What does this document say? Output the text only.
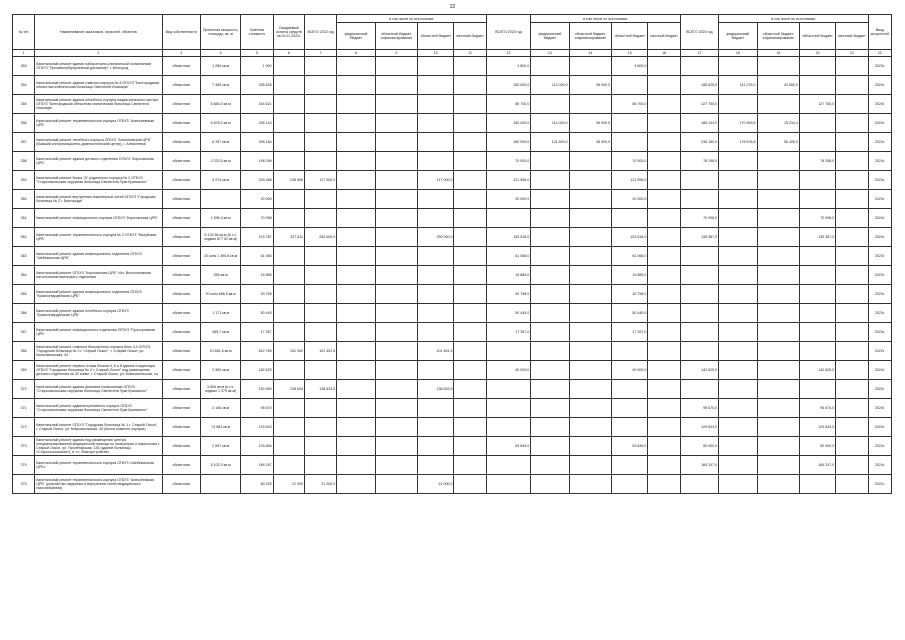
32
№ п/п	Наименование заказчиков, отраслей, объектов	Вид собственности	Проектная мощность, площадь, кв. м	Сметная стоимость	Ожидаемый остаток средств на 01.01.2022г.	ВСЕГО 2022 год	в том числе по источникам:				ВСЕГО 2023 год	в том числе по источникам:				ВСЕГО 2024 год	в том числе по источникам:				Ввод мощностей
							федеральный бюджет	областной бюджет, софинансирование	областной бюджет	местный бюджет		федеральный бюджет	областной бюджет, софинансирование	областной бюджет	местный бюджет		федеральный бюджет	областной бюджет, софинансирование	областной бюджет	местный бюджет	
1	2	3	4	5	6	7	8	9	10	11	12	13	14	15	16	17	18	19	20	21	22
353	Капитальный ремонт здания лабораторно-клинической поликлиники ОГБУЗ "Противотуберкулезный диспансер" г. Белгород	областная	1 280 кв.м	1 900							4 800,0			4 800,0							2023г.
354	Капитальный ремонт здания главного корпуса № 8 ОГБУЗ "Белгородская областная клиническая больница Святителя Иоасафа"	областная	7 465 кв.м	335 625							150 000,0	114 000,0	36 000,0			185 625,0	141 075,0	44 550,0			2024г.
355	Капитальный ремонт здания лечебного корпуса педиатрического центра ОГБУЗ "Белгородская областная клиническая больница Святителя Иоасафа"	областная	5 884,5 кв.м	444 621							85 700,0			85 700,0		127 755,0			127 755,0		2024г.
356	Капитальный ремонт терапевтического корпуса ОГБУЗ "Алексеевская ЦРБ"	областная	6 878,5 кв.м	335 144							150 000,0	114 000,0	36 000,0			185 144,0	170 909,6	15 234,4			2024г.
357	Капитальный ремонт лечебного корпуса ОГБУЗ "Алексеевская ЦРБ" (бывший консультационно-диагностический центр), г. Алексеевка	областная	6 787 кв.м	395 180							160 000,0	121 600,0	38 400,0			235 180,0	178 676,8	56 428,0			2024г.
358	Капитальный ремонт здания детского отделения ОГБУЗ "Корочанская ЦРБ"	областная	3 220,5 кв.м	148 298							70 000,0			70 000,0		78 298,0			78 298,0		2024г.
359	Капитальный ремонт блока "А" родильного корпуса № 2 ОГБУЗ "Старооскольская окружная больница Святителя Луки Крымского"	областная	4 974 кв.м	243 486	238 596	117 000,0			117 000,0		121 596,0			121 596,0							2023г.
360	Капитальный ремонт внутренних инженерных сетей ОГБУЗ "Городская больница № 2 г. Белгорода"	областная		20 000							20 000,0			20 000,0							2023г.
361	Капитальный ремонт инфекционного корпуса ОГБУЗ "Корочанская ЦРБ"	областная	1 596,3 кв.м	70 098												70 098,0			70 098,0		2024г.
362	Капитальный ремонт терапевтического корпуса № 2 ОГБУЗ "Валуйская ЦРБ"	областная	5 132,56 кв.м (в т.ч. подвал 877,52 кв.м)	474 787	337 811	250 000,0			250 000,0		153 518,0			153 518,0		135 387,0			135 387,0		2024г.
363	Капитальный ремонт здания инфекционного отделения ОГБУЗ "Шебекинская ЦРБ"	областная	20 коек 1 396,8 кв.м	61 066							61 066,0			61 066,0							2023г.
364	Капитальный ремонт ОГБУЗ "Корочанская ЦРБ" Ист. Волоконовская патологоанатомического отделения	областная	355 кв.м	15 885							15 885,0			15 885,0							2023г.
365	Капитальный ремонт здания инфекционного отделения ОГБУЗ "Красногвардейская ЦРБ"	областная	20 коек 686,5 кв.м	30 758							30 758,0			30 758,0							2023г.
366	Капитальный ремонт здания лечебного корпуса ОГБУЗ "Красногвардейская ЦРБ"	областная	1 171 кв.м	50 445							50 445,0			50 445,0							2023г.
367	Капитальный ремонт инфекционного отделения ОГБУЗ "Прохоровская ЦРБ"	областная	385,7 кв.м	17 357							17 357,0			17 357,0							2023г.
368	Капитальный ремонт главного больничного корпуса блок 3,4 ОГБУЗ "Городская больница № 2 г. Старый Оскол", г. Старый Оскол, ул. Комсомольская, 81	областная	10 681,6 кв.м	612 789	101 452	101 451,5			101 451,5												2022г.
369	Капитальный ремонт первого этажа блоков 4, 6 и 8 здания стационара ОГБУЗ "Городская больница № 2 г. Старый Оскол" под размещение детского отделения на 32 койки, г. Старый Оскол, ул. Комсомольская, 1а	областная	2 360 кв.м	182 625							40 000,0			40 000,0		142 625,0			142 625,0		2024г.
370	Капитальный ремонт здания филиала поликлиники ОГБУЗ "Старооскольская окружная больница Святителя Луки Крымского"	областная	3 806 кв.м (в т.ч. подвал 1 379 кв.м)	153 960	138 634	138 633,5			138 633,5												2022г.
371	Капитальный ремонт административного корпуса ОГБУЗ "Старооскольская окружная больница Святителя Луки Крымского"	областная	2 106 кв.м	95 670												95 670,0			95 670,0		2024г.
372	Капитальный ремонт ОГБУЗ "Городская больница № 1 г. Старый Оскол", г. Старый Оскол, ул. Комсомольская, 45 (блоки главного корпуса)	областная	74 983 кв.м	129 643												129 643,0			129 643,0		2024г.
373	Капитальный ремонт здания под размещение центра специализированной медицинской помощи по психиатрии и наркологии г. Старый Оскол, ул. Пролетарская, 135 (здание больницы «Старооскольская»), в т.ч. благоустройство	областная	2 597 кв.м	103 845							53 845,0			53 845,0		50 000,0			50 000,0		2024г.
374	Капитальный ремонт терапевтического корпуса ОГБУЗ «Шебекинская ЦРБ»	областная	5 102,3 кв.м	184 247												184 247,0			184 247,0		2024г.
375	Капитальный ремонт терапевтического корпуса ОГБУЗ "Алексеевская ЦРБ" (устройство наружных и внутренних сетей медицинского газоснабжения)	областная		60 225	21 000	21 000,0			21 000,0												2022г.
